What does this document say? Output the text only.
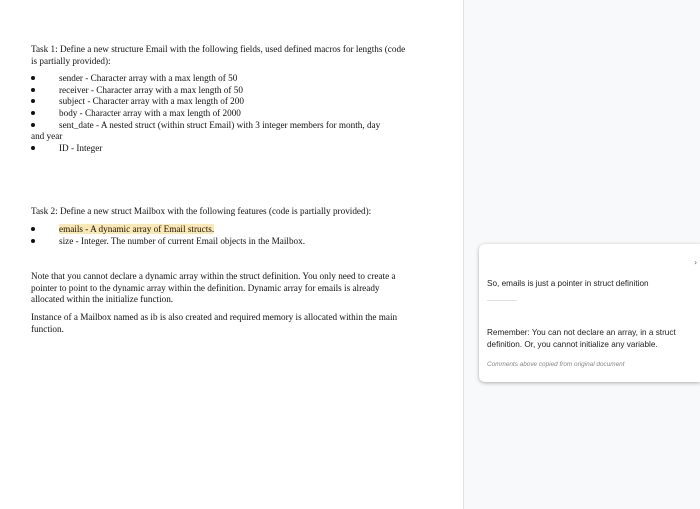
Task 1: Define a new structure Email with the following fields, used defined macros for lengths (code is partially provided):

sender - Character array with a max length of 50
receiver - Character array with a max length of 50
subject - Character array with a max length of 200
body - Character array with a max length of 2000
sent_date - A nested struct (within struct Email) with 3 integer members for month, day

and year

ID - Integer

Task 2: Define a new struct Mailbox with the following features (code is partially provided):

emails - A dynamic array of Email structs.
size - Integer. The number of current Email objects in the Mailbox.

Note that you cannot declare a dynamic array within the struct definition. You only need to create a pointer to point to the dynamic array within the definition. Dynamic array for emails is already allocated within the initialize function.

Instance of a Mailbox named as ib is also created and required memory is allocated within the main function.

So, emails is just a pointer in struct definition
Remember: You can not declare an array, in a struct definition. Or, you cannot initialize any variable.
Comments above copied from original document
›
